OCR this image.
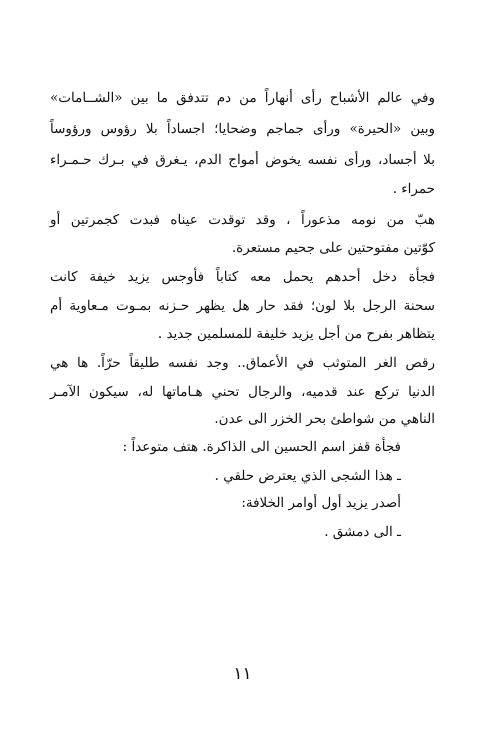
وفي عالم الأشباح رأى أنهاراً من دم تتدفق ما بين «الشــامات»
وبين «الحيرة» ورأى جماجم وضحايا؛ اجساداً بلا رؤوس ورؤوساً
بلا أجساد، ورأى نفسه يخوض أمواج الدم، يـغرق في بـرك حـمـراء
حمراء .
هبّ من نومه مذعوراً ، وقد توقدت عيناه فبدت كجمرتين أو
كوّتين مفتوحتين على جحيم مستعرة.
فجأة دخل أحدهم يحمل معه كتاباً فأوجس يزيد خيفة كانت
سحنة الرجل بلا لون؛ فقد حار هل يظهر حـزنه بمـوت مـعاوية أم
يتظاهر بفرح من أجل يزيد خليفة للمسلمين جديد .
رقص الغر المتوثب في الأعماق.. وجد نفسه طليقاً حرّاً. ها هي
الدنيا تركع عند قدميه، والرجال تحني هـاماتها له، سيكون الآمـر
الناهي من شواطئ بحر الخزر الى عدن.
فجأة قفز اسم الحسين الى الذاكرة. هتف متوعداً :
ـ هذا الشجى الذي يعترض حلقي .
أصدر يزيد أول أوامر الخلافة:
ـ الى دمشق .
١١
